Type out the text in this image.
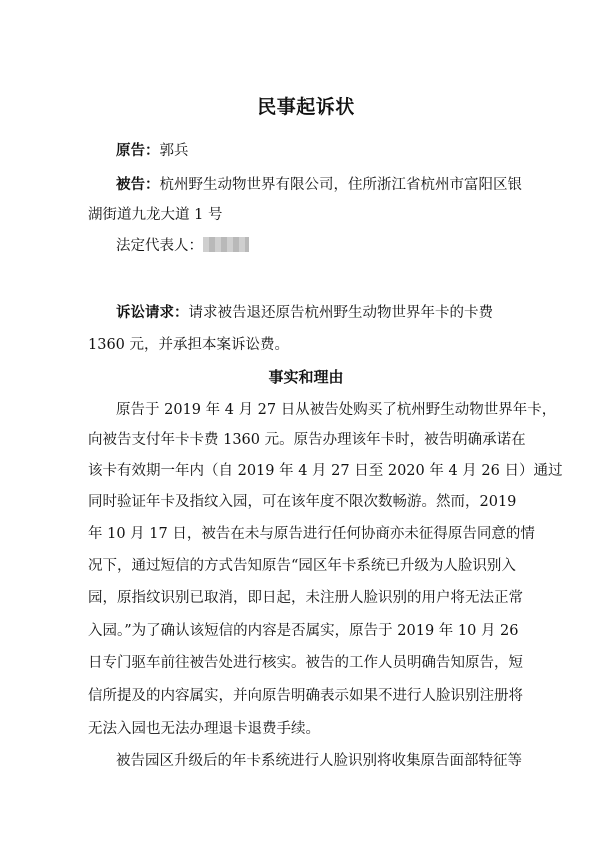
民事起诉状
原告：郭兵
被告：杭州野生动物世界有限公司，住所浙江省杭州市富阳区银
湖街道九龙大道 1 号
法定代表人：
诉讼请求：请求被告退还原告杭州野生动物世界年卡的卡费
1360 元，并承担本案诉讼费。
事实和理由
原告于 2019 年 4 月 27 日从被告处购买了杭州野生动物世界年卡，
向被告支付年卡卡费 1360 元。原告办理该年卡时，被告明确承诺在
该卡有效期一年内（自 2019 年 4 月 27 日至 2020 年 4 月 26 日）通过
同时验证年卡及指纹入园，可在该年度不限次数畅游。然而，2019
年 10 月 17 日，被告在未与原告进行任何协商亦未征得原告同意的情
况下，通过短信的方式告知原告“园区年卡系统已升级为人脸识别入
园，原指纹识别已取消，即日起，未注册人脸识别的用户将无法正常
入园。”为了确认该短信的内容是否属实，原告于 2019 年 10 月 26
日专门驱车前往被告处进行核实。被告的工作人员明确告知原告，短
信所提及的内容属实，并向原告明确表示如果不进行人脸识别注册将
无法入园也无法办理退卡退费手续。
被告园区升级后的年卡系统进行人脸识别将收集原告面部特征等
